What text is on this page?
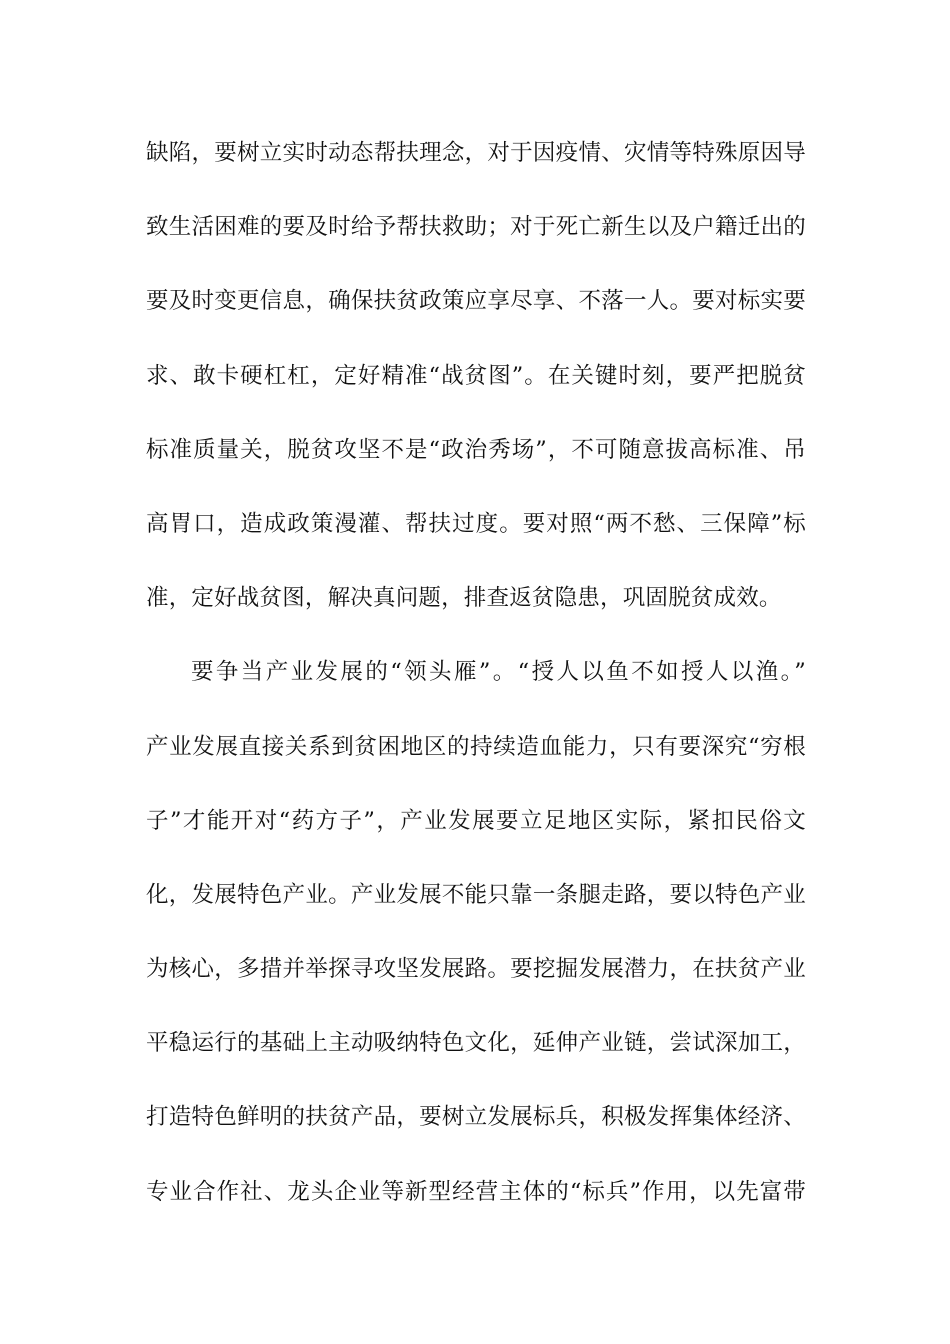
缺陷，要树立实时动态帮扶理念，对于因疫情、灾情等特殊原因导
致生活困难的要及时给予帮扶救助；对于死亡新生以及户籍迁出的
要及时变更信息，确保扶贫政策应享尽享、不落一人。要对标实要
求、敢卡硬杠杠，定好精准“战贫图”。在关键时刻，要严把脱贫
标准质量关，脱贫攻坚不是“政治秀场”，不可随意拔高标准、吊
高胃口，造成政策漫灌、帮扶过度。要对照“两不愁、三保障”标
准，定好战贫图，解决真问题，排查返贫隐患，巩固脱贫成效。
要争当产业发展的“领头雁”。“授人以鱼不如授人以渔。”
产业发展直接关系到贫困地区的持续造血能力，只有要深究“穷根
子”才能开对“药方子”，产业发展要立足地区实际，紧扣民俗文
化，发展特色产业。产业发展不能只靠一条腿走路，要以特色产业
为核心，多措并举探寻攻坚发展路。要挖掘发展潜力，在扶贫产业
平稳运行的基础上主动吸纳特色文化，延伸产业链，尝试深加工，
打造特色鲜明的扶贫产品，要树立发展标兵，积极发挥集体经济、
专业合作社、龙头企业等新型经营主体的“标兵”作用，以先富带
